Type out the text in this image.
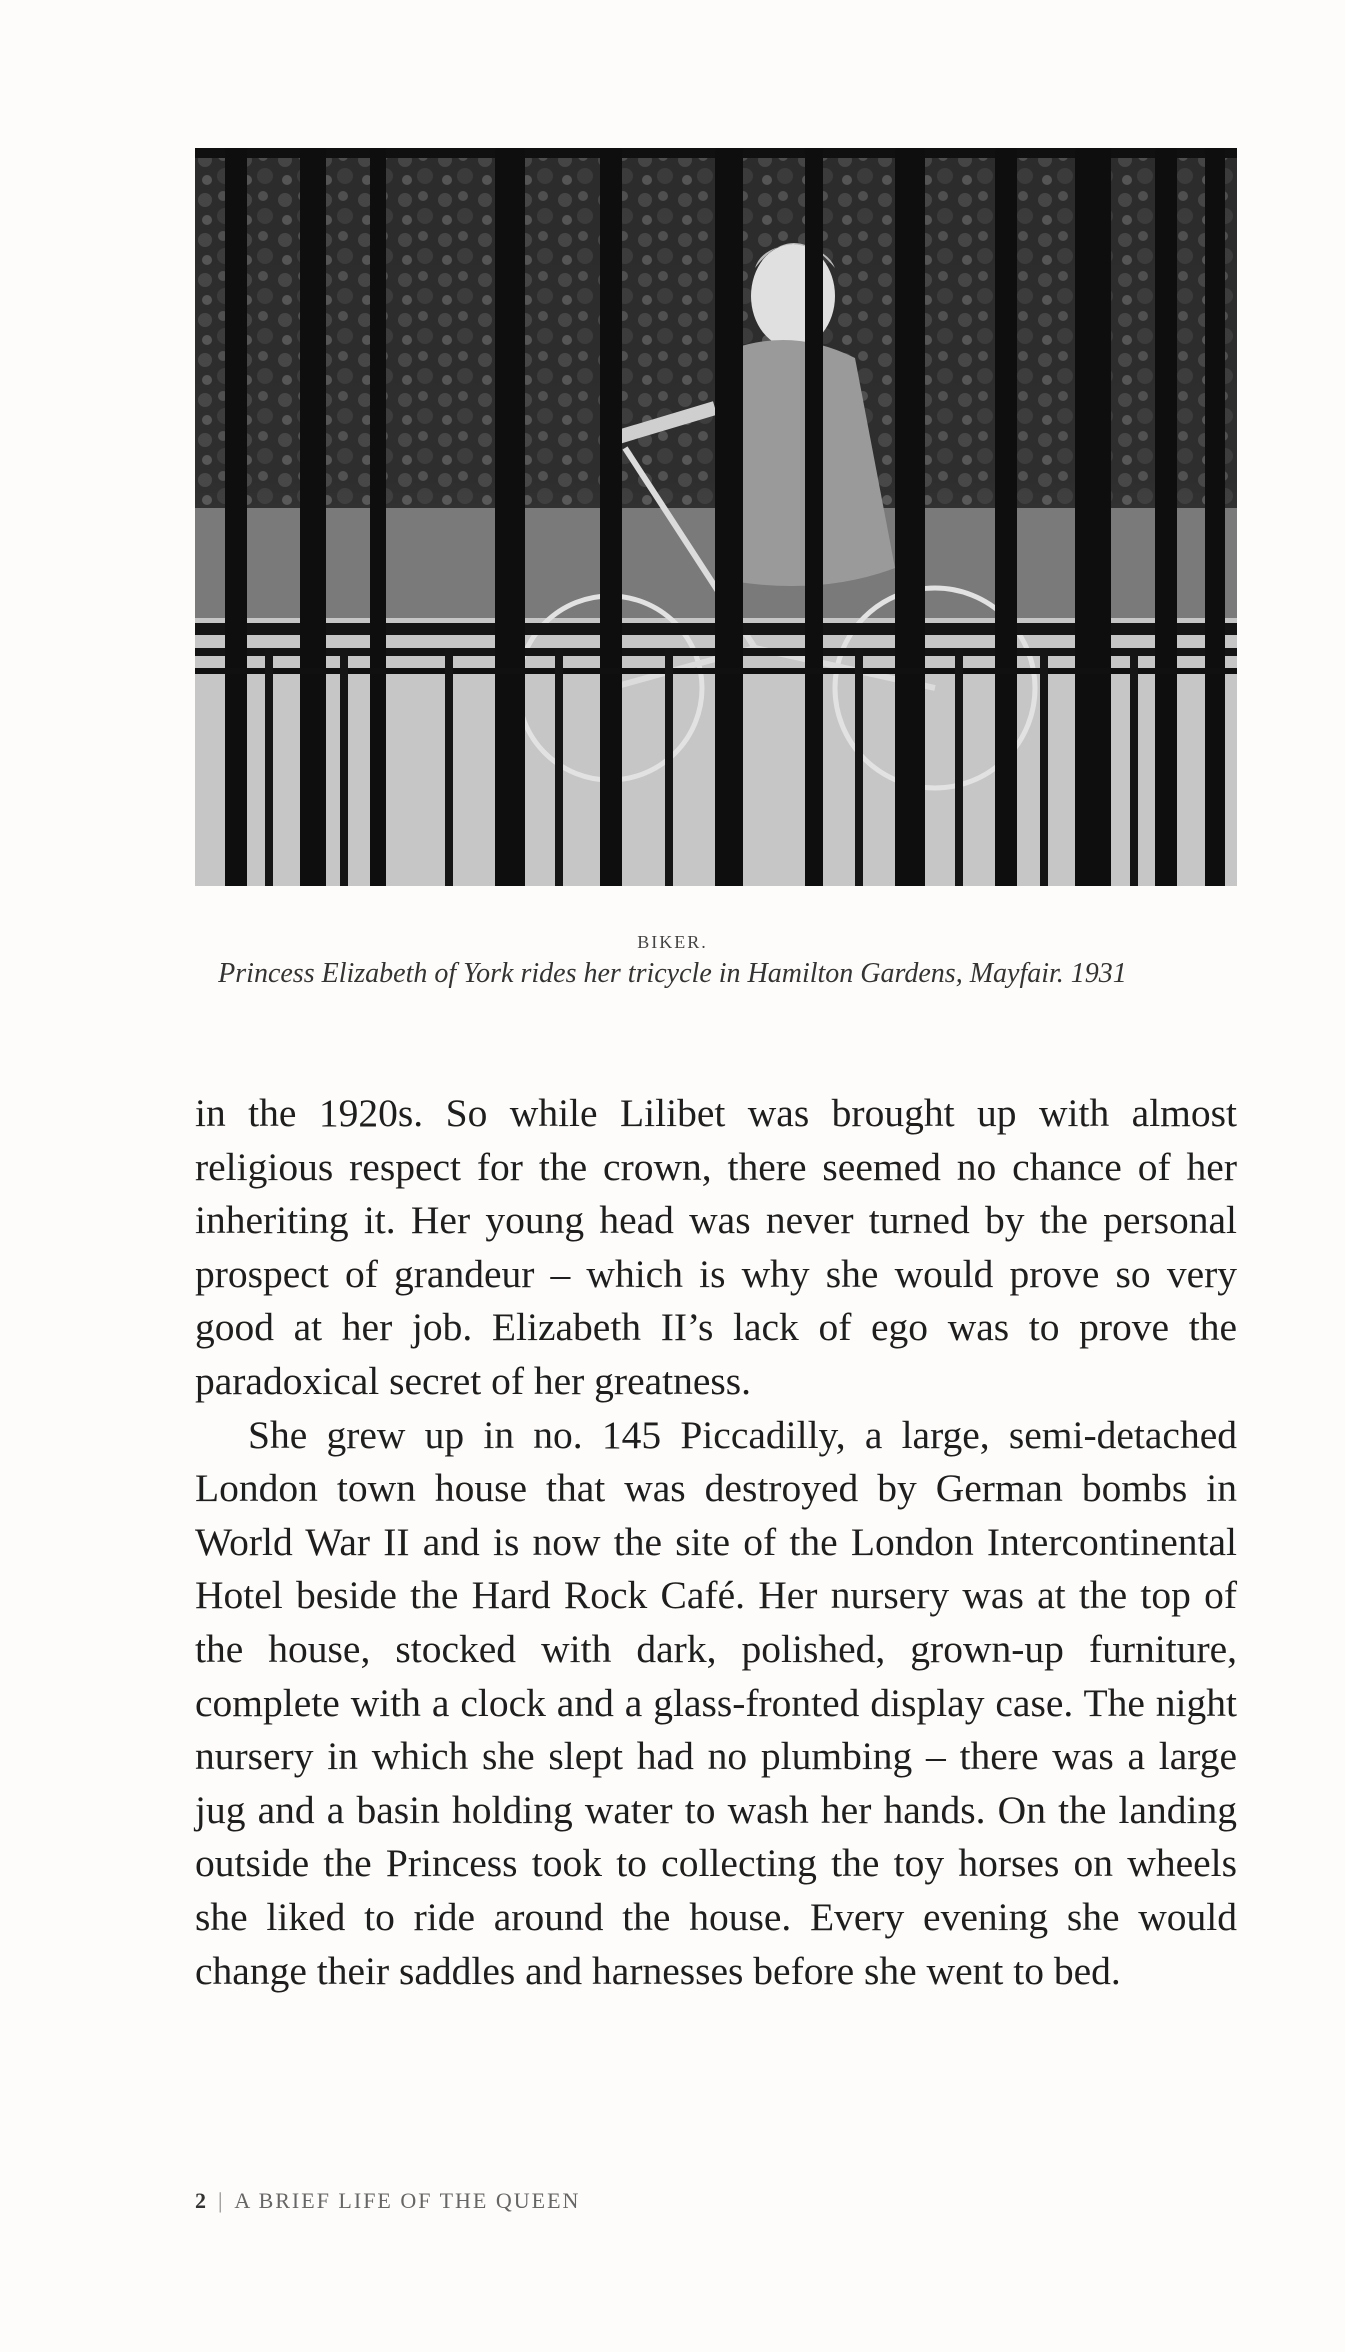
BIKER.
Princess Elizabeth of York rides her tricycle in Hamilton Gardens, Mayfair. 1931

in the 1920s. So while Lilibet was brought up with almost religious respect for the crown, there seemed no chance of her inheriting it. Her young head was never turned by the personal prospect of grandeur – which is why she would prove so very good at her job. Elizabeth II’s lack of ego was to prove the paradoxical secret of her greatness.

She grew up in no. 145 Piccadilly, a large, semi-detached London town house that was destroyed by German bombs in World War II and is now the site of the London Intercontinental Hotel beside the Hard Rock Café. Her nursery was at the top of the house, stocked with dark, polished, grown-up furniture, complete with a clock and a glass-fronted display case. The night nursery in which she slept had no plumbing – there was a large jug and a basin holding water to wash her hands. On the landing outside the Princess took to collecting the toy horses on wheels she liked to ride around the house. Every evening she would change their saddles and harnesses before she went to bed.

2 | A BRIEF LIFE OF THE QUEEN
